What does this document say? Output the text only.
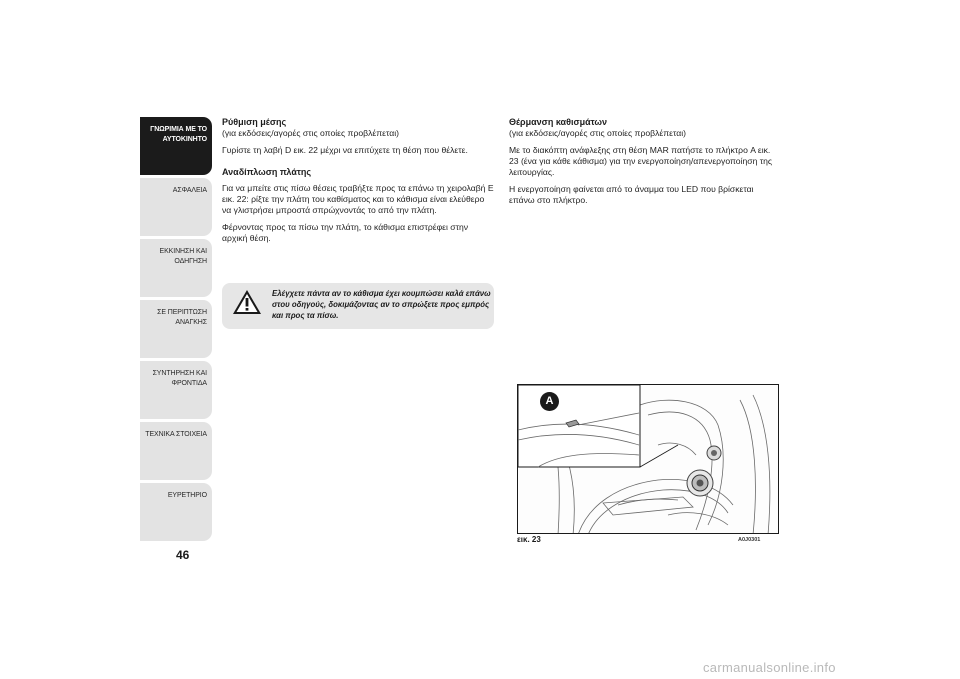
ΓΝΩΡΙΜΙΑ ΜΕ ΤΟ
ΑΥΤΟΚΙΝΗΤΟ
ΑΣΦΑΛΕΙΑ
ΕΚΚΙΝΗΣΗ ΚΑΙ
ΟΔΗΓΗΣΗ
ΣΕ ΠΕΡΙΠΤΩΣΗ
ΑΝΑΓΚΗΣ
ΣΥΝΤΗΡΗΣΗ ΚΑΙ
ΦΡΟΝΤΙΔΑ
ΤΕΧΝΙΚΑ ΣΤΟΙΧΕΙΑ
ΕΥΡΕΤΗΡΙΟ
46

Ρύθμιση μέσης

(για εκδόσεις/αγορές στις οποίες προβλέπεται)

Γυρίστε τη λαβή D εικ. 22 μέχρι να επιτύχετε τη θέση που θέλετε.

Αναδίπλωση πλάτης

Για να μπείτε στις πίσω θέσεις τραβήξτε προς τα επάνω τη χειρολαβή E εικ. 22: ρίξτε την πλάτη του καθίσματος και το κάθισμα είναι ελεύθερο να γλιστρήσει μπροστά σπρώχνοντάς το από την πλάτη.

Φέρνοντας προς τα πίσω την πλάτη, το κάθισμα επιστρέφει στην αρχική θέση.

Ελέγχετε πάντα αν το κάθισμα έχει κουμπώσει καλά επάνω στου οδηγούς, δοκιμάζοντας αν το σπρώξετε προς εμπρός και προς τα πίσω.

Θέρμανση καθισμάτων

(για εκδόσεις/αγορές στις οποίες προβλέπεται)

Με το διακόπτη ανάφλεξης στη θέση MAR πατήστε το πλήκτρο A εικ. 23 (ένα για κάθε κάθισμα) για την ενεργοποίηση/απενεργοποίηση της λειτουργίας.

Η ενεργοποίηση φαίνεται από το άναμμα του LED που βρίσκεται επάνω στο πλήκτρο.

A
εικ. 23	A0J0301
carmanualsonline.info
